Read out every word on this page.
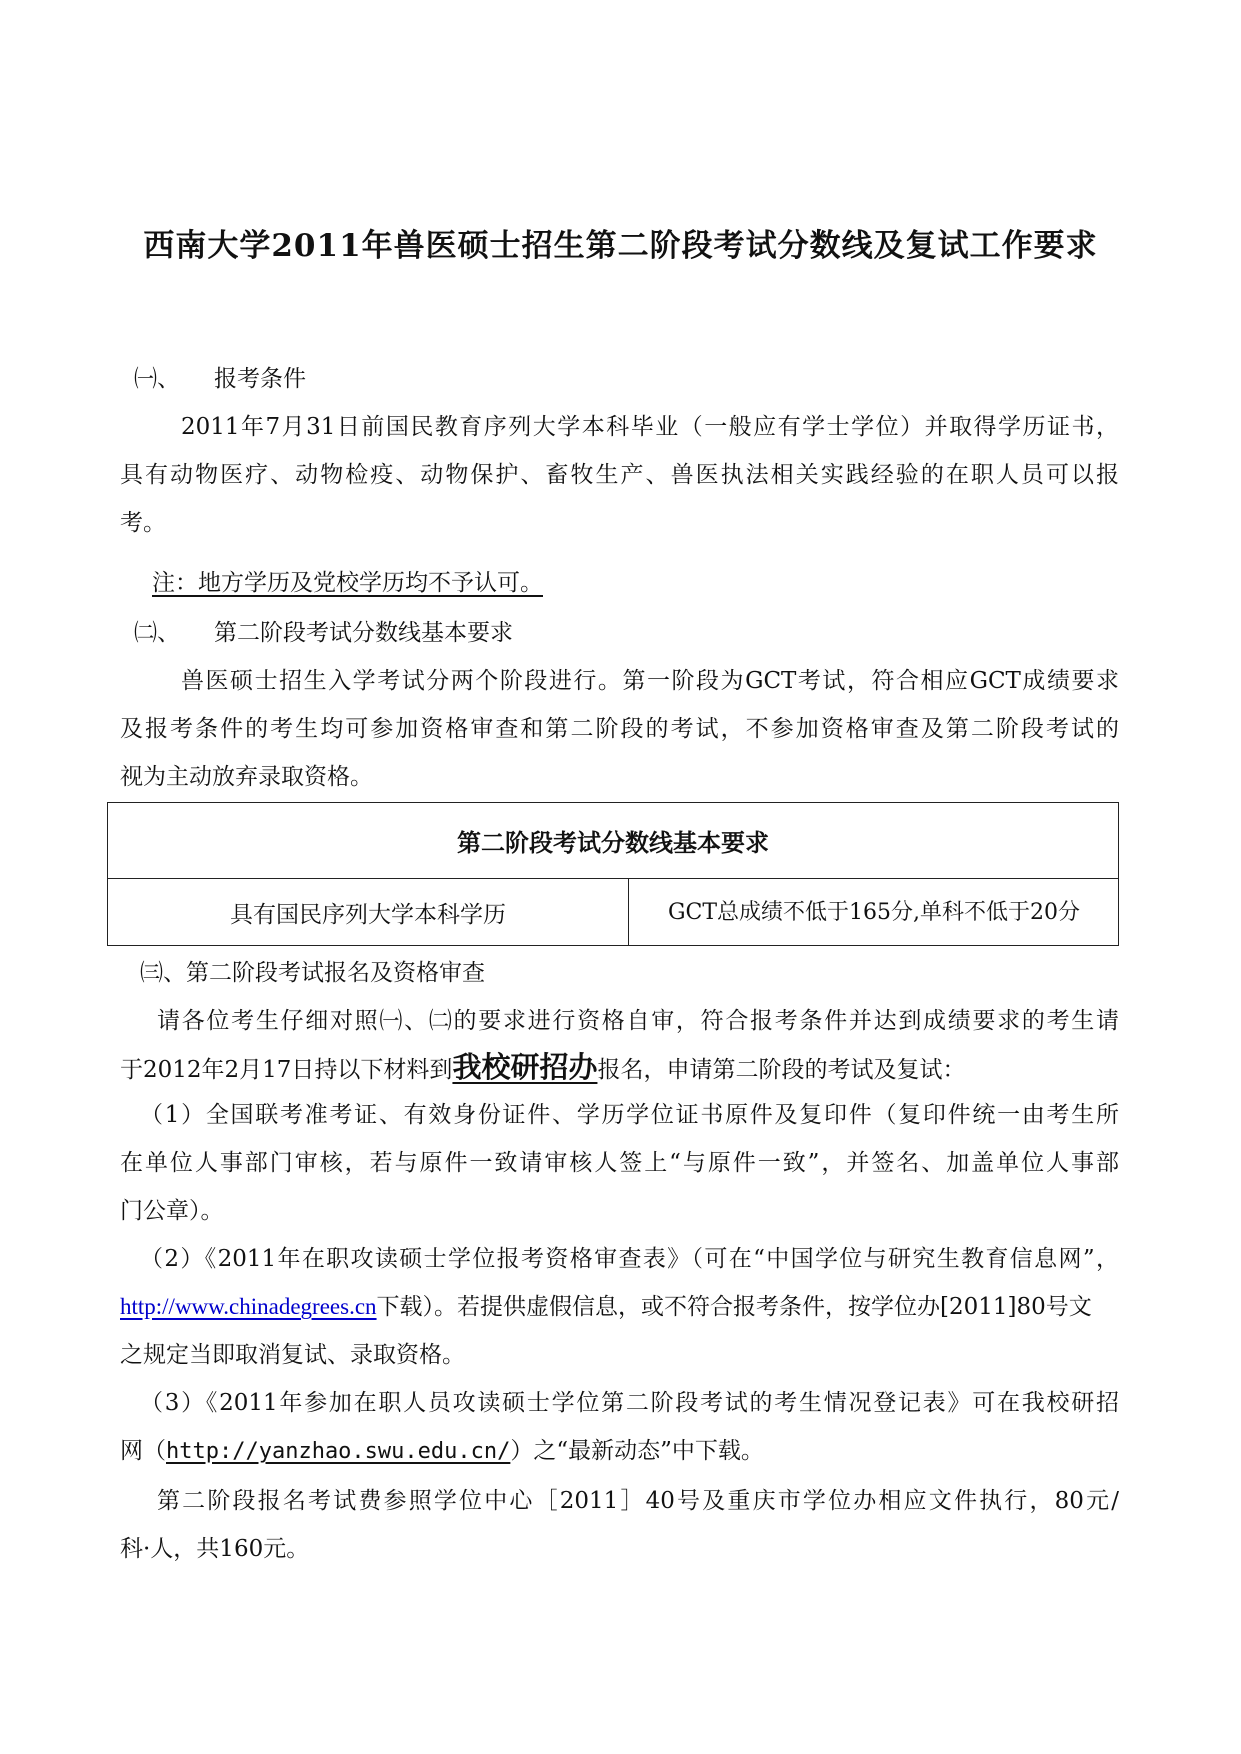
西南大学2011年兽医硕士招生第二阶段考试分数线及复试工作要求
㈠、 报考条件
2011年7月31日前国民教育序列大学本科毕业（一般应有学士学位）并取得学历证书，
具有动物医疗、动物检疫、动物保护、畜牧生产、兽医执法相关实践经验的在职人员可以报
考。
注：地方学历及党校学历均不予认可。
㈡、 第二阶段考试分数线基本要求
兽医硕士招生入学考试分两个阶段进行。第一阶段为GCT考试，符合相应GCT成绩要求
及报考条件的考生均可参加资格审查和第二阶段的考试，不参加资格审查及第二阶段考试的
视为主动放弃录取资格。
第二阶段考试分数线基本要求
具有国民序列大学本科学历	GCT总成绩不低于165分,单科不低于20分
㈢、第二阶段考试报名及资格审查
请各位考生仔细对照㈠、㈡的要求进行资格自审，符合报考条件并达到成绩要求的考生请
于2012年2月17日持以下材料到我校研招办报名，申请第二阶段的考试及复试：
（1）全国联考准考证、有效身份证件、学历学位证书原件及复印件（复印件统一由考生所
在单位人事部门审核，若与原件一致请审核人签上“与原件一致”，并签名、加盖单位人事部
门公章）。
（2）《2011年在职攻读硕士学位报考资格审查表》（可在“中国学位与研究生教育信息网”，
http://www.chinadegrees.cn下载）。若提供虚假信息，或不符合报考条件，按学位办[2011]80号文
之规定当即取消复试、录取资格。
（3）《2011年参加在职人员攻读硕士学位第二阶段考试的考生情况登记表》可在我校研招
网（http://yanzhao.swu.edu.cn/）之“最新动态”中下载。
第二阶段报名考试费参照学位中心［2011］40号及重庆市学位办相应文件执行，80元/
科·人，共160元。
